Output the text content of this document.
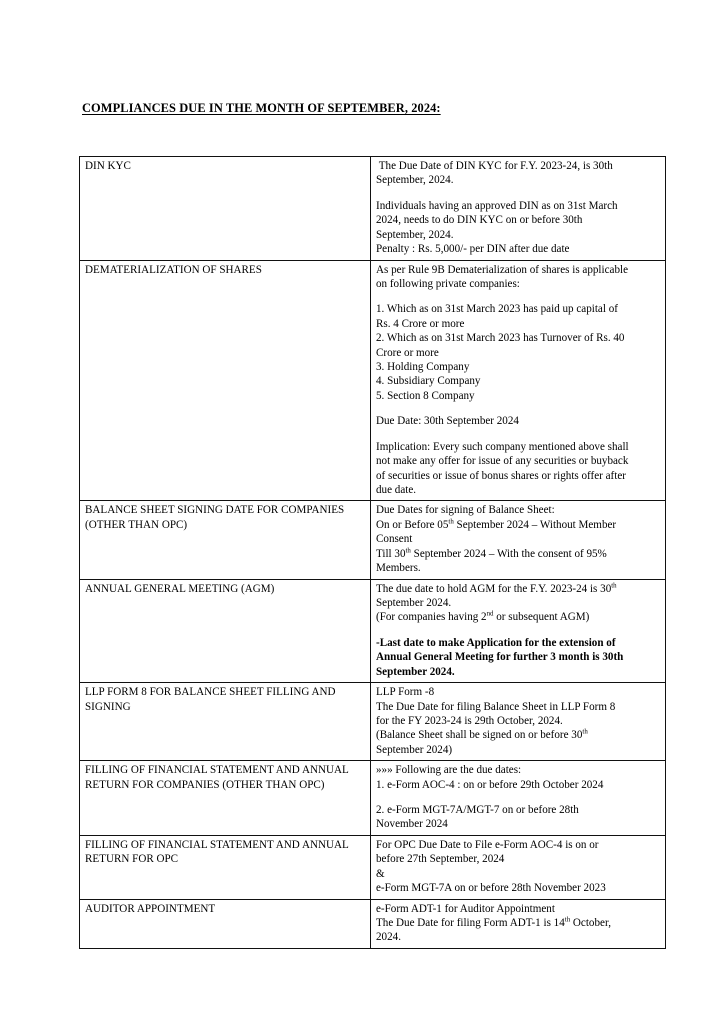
COMPLIANCES DUE IN THE MONTH OF SEPTEMBER, 2024:
DIN KYC	The Due Date of DIN KYC for F.Y. 2023-24, is 30th
September, 2024.

Individuals having an approved DIN as on 31st March
2024, needs to do DIN KYC on or before 30th
September, 2024.
Penalty : Rs. 5,000/- per DIN after due date

DEMATERIALIZATION OF SHARES	As per Rule 9B Dematerialization of shares is applicable
on following private companies:

1. Which as on 31st March 2023 has paid up capital of
Rs. 4 Crore or more
2. Which as on 31st March 2023 has Turnover of Rs. 40
Crore or more
3. Holding Company
4. Subsidiary Company
5. Section 8 Company

Due Date: 30th September 2024

Implication: Every such company mentioned above shall
not make any offer for issue of any securities or buyback
of securities or issue of bonus shares or rights offer after
due date.

BALANCE SHEET SIGNING DATE FOR COMPANIES (OTHER THAN OPC)	Due Dates for signing of Balance Sheet:
On or Before 05th September 2024 – Without Member
Consent
Till 30th September 2024 – With the consent of 95%
Members.

ANNUAL GENERAL MEETING (AGM)	The due date to hold AGM for the F.Y. 2023-24 is 30th
September 2024.
(For companies having 2nd or subsequent AGM)

-Last date to make Application for the extension of
Annual General Meeting for further 3 month is 30th
September 2024.

LLP FORM 8 FOR BALANCE SHEET FILLING AND SIGNING	LLP Form -8
The Due Date for filing Balance Sheet in LLP Form 8
for the FY 2023-24 is 29th October, 2024.
(Balance Sheet shall be signed on or before 30th
September 2024)

FILLING OF FINANCIAL STATEMENT AND ANNUAL RETURN FOR COMPANIES (OTHER THAN OPC)	»»» Following are the due dates:
1. e-Form AOC-4 : on or before 29th October 2024

2. e-Form MGT-7A/MGT-7 on or before 28th
November 2024

FILLING OF FINANCIAL STATEMENT AND ANNUAL RETURN FOR OPC	For OPC Due Date to File e-Form AOC-4 is on or
before 27th September, 2024
&
e-Form MGT-7A on or before 28th November 2023

AUDITOR APPOINTMENT	e-Form ADT-1 for Auditor Appointment
The Due Date for filing Form ADT-1 is 14th October,
2024.
